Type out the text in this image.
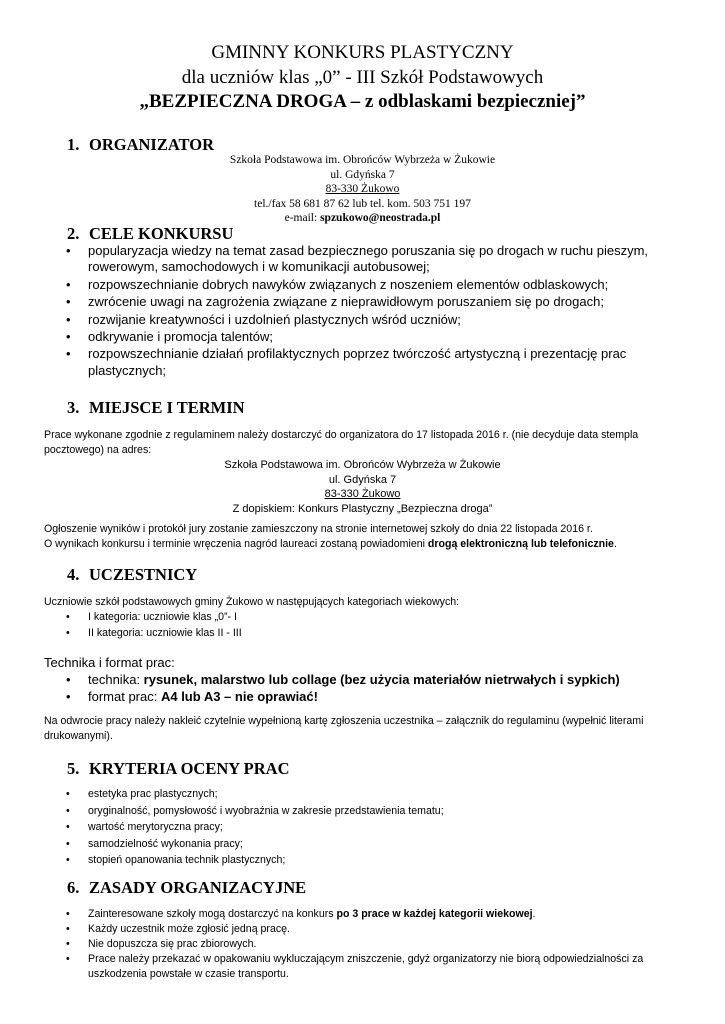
GMINNY KONKURS PLASTYCZNY
dla uczniów klas „0” - III Szkół Podstawowych
„BEZPIECZNA DROGA – z odblaskami bezpieczniej”
1. ORGANIZATOR
Szkoła Podstawowa im. Obrońców Wybrzeża w Żukowie
ul. Gdyńska 7
83-330 Żukowo
tel./fax 58 681 87 62 lub tel. kom. 503 751 197
e-mail: spzukowo@neostrada.pl
2. CELE KONKURSU
• popularyzacja wiedzy na temat zasad bezpiecznego poruszania się po drogach w ruchu pieszym, rowerowym, samochodowych i w komunikacji autobusowej;
• rozpowszechnianie dobrych nawyków związanych z noszeniem elementów odblaskowych;
• zwrócenie uwagi na zagrożenia związane z nieprawidłowym poruszaniem się po drogach;
• rozwijanie kreatywności i uzdolnień plastycznych wśród uczniów;
• odkrywanie i promocja talentów;
• rozpowszechnianie działań profilaktycznych poprzez twórczość artystyczną i prezentację prac plastycznych;
3. MIEJSCE I TERMIN
Prace wykonane zgodnie z regulaminem należy dostarczyć do organizatora do 17 listopada 2016 r. (nie decyduje data stempla pocztowego) na adres:
Szkoła Podstawowa im. Obrońców Wybrzeża w Żukowie
ul. Gdyńska 7
83-330 Żukowo
Z dopiskiem: Konkurs Plastyczny „Bezpieczna droga”
Ogłoszenie wyników i protokół jury zostanie zamieszczony na stronie internetowej szkoły do dnia 22 listopada 2016 r.
O wynikach konkursu i terminie wręczenia nagród laureaci zostaną powiadomieni drogą elektroniczną lub telefonicznie.
4. UCZESTNICY
Uczniowie szkół podstawowych gminy Żukowo w następujących kategoriach wiekowych:
• I kategoria: uczniowie klas „0”- I
• II kategoria: uczniowie klas II - III
Technika i format prac:
• technika: rysunek, malarstwo lub collage (bez użycia materiałów nietrwałych i sypkich)
• format prac: A4 lub A3 – nie oprawiać!
Na odwrocie pracy należy nakleić czytelnie wypełnioną kartę zgłoszenia uczestnika – załącznik do regulaminu (wypełnić literami drukowanymi).
5. KRYTERIA OCENY PRAC
• estetyka prac plastycznych;
• oryginalność, pomysłowość i wyobraźnia w zakresie przedstawienia tematu;
• wartość merytoryczna pracy;
• samodzielność wykonania pracy;
• stopień opanowania technik plastycznych;
6. ZASADY ORGANIZACYJNE
• Zainteresowane szkoły mogą dostarczyć na konkurs po 3 prace w każdej kategorii wiekowej.
• Każdy uczestnik może zgłosić jedną pracę.
• Nie dopuszcza się prac zbiorowych.
• Prace należy przekazać w opakowaniu wykluczającym zniszczenie, gdyż organizatorzy nie biorą odpowiedzialności za uszkodzenia powstałe w czasie transportu.
